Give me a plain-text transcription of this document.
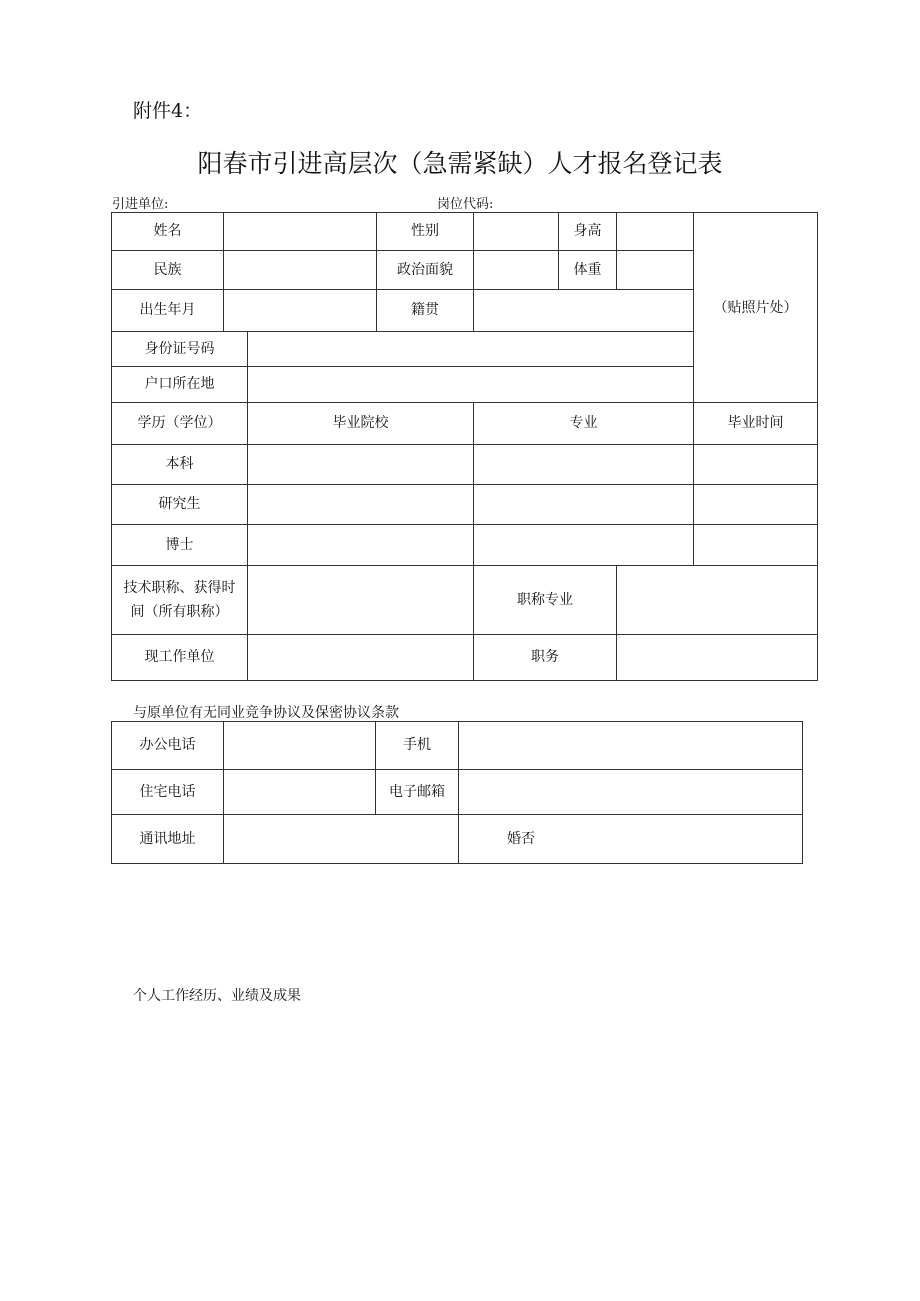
附件4：
阳春市引进高层次（急需紧缺）人才报名登记表
引进单位:	岗位代码:
姓名			性别		身高		（贴照片处）
民族			政治面貌		体重		
出生年月			籍贯				
身份证号码							
户口所在地							
学历（学位）		毕业院校		专业			毕业时间
本科							
研究生							
博士							

技术职称、获得时
间（所有职称）				职称专业			
现工作单位				职务			
与原单位有无同业竞争协议及保密协议条款
办公电话		手机	
住宅电话		电子邮箱	
通讯地址			婚否
个人工作经历、业绩及成果
